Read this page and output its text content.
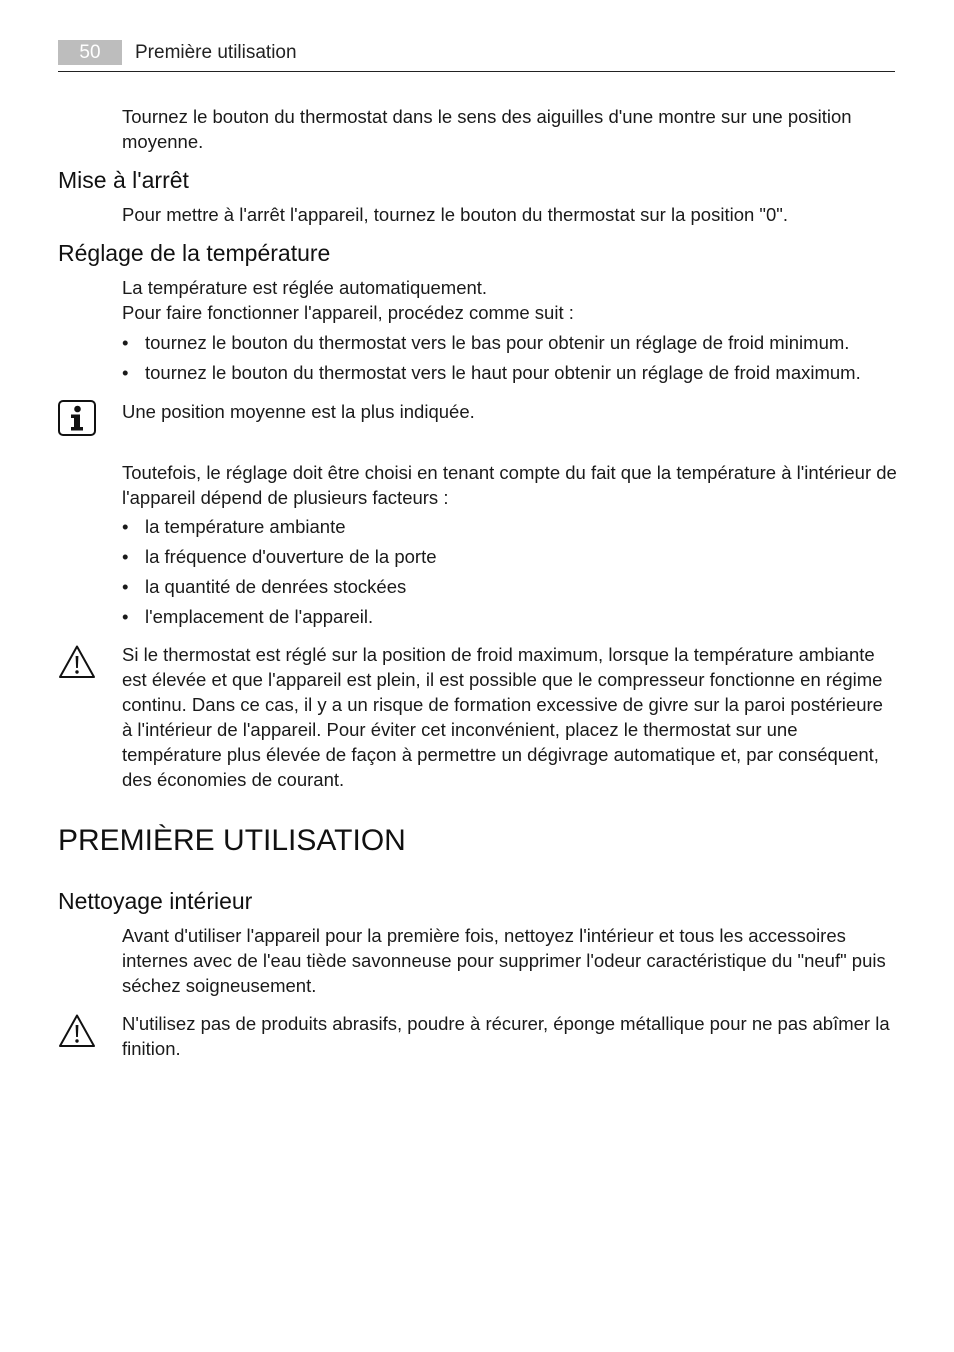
50	Première utilisation

Tournez le bouton du thermostat dans le sens des aiguilles d'une montre sur une position moyenne.

Mise à l'arrêt

Pour mettre à l'arrêt l'appareil, tournez le bouton du thermostat sur la position "0".

Réglage de la température

La température est réglée automatiquement.

Pour faire fonctionner l'appareil, procédez comme suit :

• tournez le bouton du thermostat vers le bas pour obtenir un réglage de froid minimum.

• tournez le bouton du thermostat vers le haut pour obtenir un réglage de froid maximum.

Une position moyenne est la plus indiquée.

Toutefois, le réglage doit être choisi en tenant compte du fait que la température à l'intérieur de l'appareil dépend de plusieurs facteurs :

• la température ambiante

• la fréquence d'ouverture de la porte

• la quantité de denrées stockées

• l'emplacement de l'appareil.

Si le thermostat est réglé sur la position de froid maximum, lorsque la température ambiante est élevée et que l'appareil est plein, il est possible que le compresseur fonctionne en régime continu. Dans ce cas, il y a un risque de formation excessive de givre sur la paroi postérieure à l'intérieur de l'appareil. Pour éviter cet inconvénient, placez le thermostat sur une température plus élevée de façon à permettre un dégivrage automatique et, par conséquent, des économies de courant.

PREMIÈRE UTILISATION
Nettoyage intérieur

Avant d'utiliser l'appareil pour la première fois, nettoyez l'intérieur et tous les accessoires internes avec de l'eau tiède savonneuse pour supprimer l'odeur caractéristique du "neuf" puis séchez soigneusement.

N'utilisez pas de produits abrasifs, poudre à récurer, éponge métallique pour ne pas abîmer la finition.
